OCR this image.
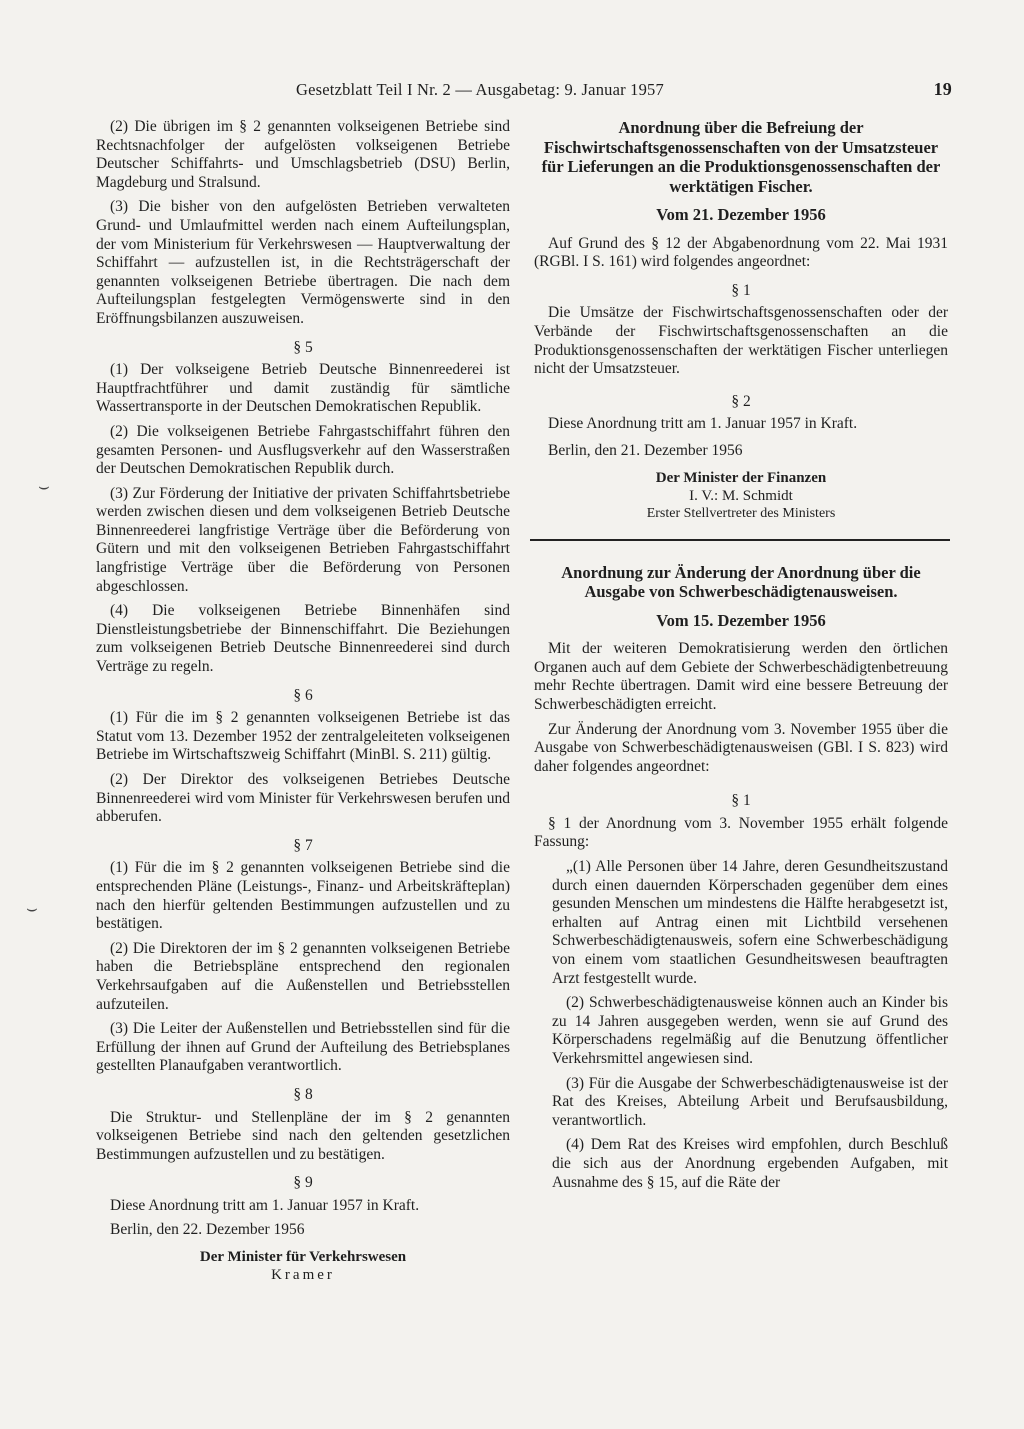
Gesetzblatt Teil I Nr. 2 — Ausgabetag: 9. Januar 1957	19
⌣
⌣

(2) Die übrigen im § 2 genannten volkseigenen Betriebe sind Rechtsnachfolger der aufgelösten volkseigenen Betriebe Deutscher Schiffahrts- und Umschlagsbetrieb (DSU) Berlin, Magdeburg und Stralsund.

(3) Die bisher von den aufgelösten Betrieben verwalteten Grund- und Umlaufmittel werden nach einem Aufteilungsplan, der vom Ministerium für Verkehrswesen — Hauptverwaltung der Schiffahrt — aufzustellen ist, in die Rechtsträgerschaft der genannten volkseigenen Betriebe übertragen. Die nach dem Aufteilungsplan festgelegten Vermögenswerte sind in den Eröffnungsbilanzen auszuweisen.

§ 5

(1) Der volkseigene Betrieb Deutsche Binnenreederei ist Hauptfrachtführer und damit zuständig für sämtliche Wassertransporte in der Deutschen Demokratischen Republik.

(2) Die volkseigenen Betriebe Fahrgastschiffahrt führen den gesamten Personen- und Ausflugsverkehr auf den Wasserstraßen der Deutschen Demokratischen Republik durch.

(3) Zur Förderung der Initiative der privaten Schiffahrtsbetriebe werden zwischen diesen und dem volkseigenen Betrieb Deutsche Binnenreederei langfristige Verträge über die Beförderung von Gütern und mit den volkseigenen Betrieben Fahrgastschiffahrt langfristige Verträge über die Beförderung von Personen abgeschlossen.

(4) Die volkseigenen Betriebe Binnenhäfen sind Dienstleistungsbetriebe der Binnenschiffahrt. Die Beziehungen zum volkseigenen Betrieb Deutsche Binnenreederei sind durch Verträge zu regeln.

§ 6

(1) Für die im § 2 genannten volkseigenen Betriebe ist das Statut vom 13. Dezember 1952 der zentralgeleiteten volkseigenen Betriebe im Wirtschaftszweig Schiffahrt (MinBl. S. 211) gültig.

(2) Der Direktor des volkseigenen Betriebes Deutsche Binnenreederei wird vom Minister für Verkehrswesen berufen und abberufen.

§ 7

(1) Für die im § 2 genannten volkseigenen Betriebe sind die entsprechenden Pläne (Leistungs-, Finanz- und Arbeitskräfteplan) nach den hierfür geltenden Bestimmungen aufzustellen und zu bestätigen.

(2) Die Direktoren der im § 2 genannten volkseigenen Betriebe haben die Betriebspläne entsprechend den regionalen Verkehrsaufgaben auf die Außenstellen und Betriebsstellen aufzuteilen.

(3) Die Leiter der Außenstellen und Betriebsstellen sind für die Erfüllung der ihnen auf Grund der Aufteilung des Betriebsplanes gestellten Planaufgaben verantwortlich.

§ 8

Die Struktur- und Stellenpläne der im § 2 genannten volkseigenen Betriebe sind nach den geltenden gesetzlichen Bestimmungen aufzustellen und zu bestätigen.

§ 9

Diese Anordnung tritt am 1. Januar 1957 in Kraft.

Berlin, den 22. Dezember 1956

Der Minister für Verkehrswesen
Kramer
Anordnung über die Befreiung der Fischwirtschaftsgenossenschaften von der Umsatzsteuer für Lieferungen an die Produktionsgenossenschaften der werktätigen Fischer.
Vom 21. Dezember 1956

Auf Grund des § 12 der Abgabenordnung vom 22. Mai 1931 (RGBl. I S. 161) wird folgendes angeordnet:

§ 1

Die Umsätze der Fischwirtschaftsgenossenschaften oder der Verbände der Fischwirtschaftsgenossenschaften an die Produktionsgenossenschaften der werktätigen Fischer unterliegen nicht der Umsatzsteuer.

§ 2

Diese Anordnung tritt am 1. Januar 1957 in Kraft.

Berlin, den 21. Dezember 1956

Der Minister der Finanzen
I. V.: M. Schmidt
Erster Stellvertreter des Ministers
Anordnung zur Änderung der Anordnung über die Ausgabe von Schwerbeschädigtenausweisen.
Vom 15. Dezember 1956

Mit der weiteren Demokratisierung werden den örtlichen Organen auch auf dem Gebiete der Schwerbeschädigtenbetreuung mehr Rechte übertragen. Damit wird eine bessere Betreuung der Schwerbeschädigten erreicht.

Zur Änderung der Anordnung vom 3. November 1955 über die Ausgabe von Schwerbeschädigtenausweisen (GBl. I S. 823) wird daher folgendes angeordnet:

§ 1

§ 1 der Anordnung vom 3. November 1955 erhält folgende Fassung:

„(1) Alle Personen über 14 Jahre, deren Gesundheitszustand durch einen dauernden Körperschaden gegenüber dem eines gesunden Menschen um mindestens die Hälfte herabgesetzt ist, erhalten auf Antrag einen mit Lichtbild versehenen Schwerbeschädigtenausweis, sofern eine Schwerbeschädigung von einem vom staatlichen Gesundheitswesen beauftragten Arzt festgestellt wurde.

(2) Schwerbeschädigtenausweise können auch an Kinder bis zu 14 Jahren ausgegeben werden, wenn sie auf Grund des Körperschadens regelmäßig auf die Benutzung öffentlicher Verkehrsmittel angewiesen sind.

(3) Für die Ausgabe der Schwerbeschädigtenausweise ist der Rat des Kreises, Abteilung Arbeit und Berufsausbildung, verantwortlich.

(4) Dem Rat des Kreises wird empfohlen, durch Beschluß die sich aus der Anordnung ergebenden Aufgaben, mit Ausnahme des § 15, auf die Räte der
